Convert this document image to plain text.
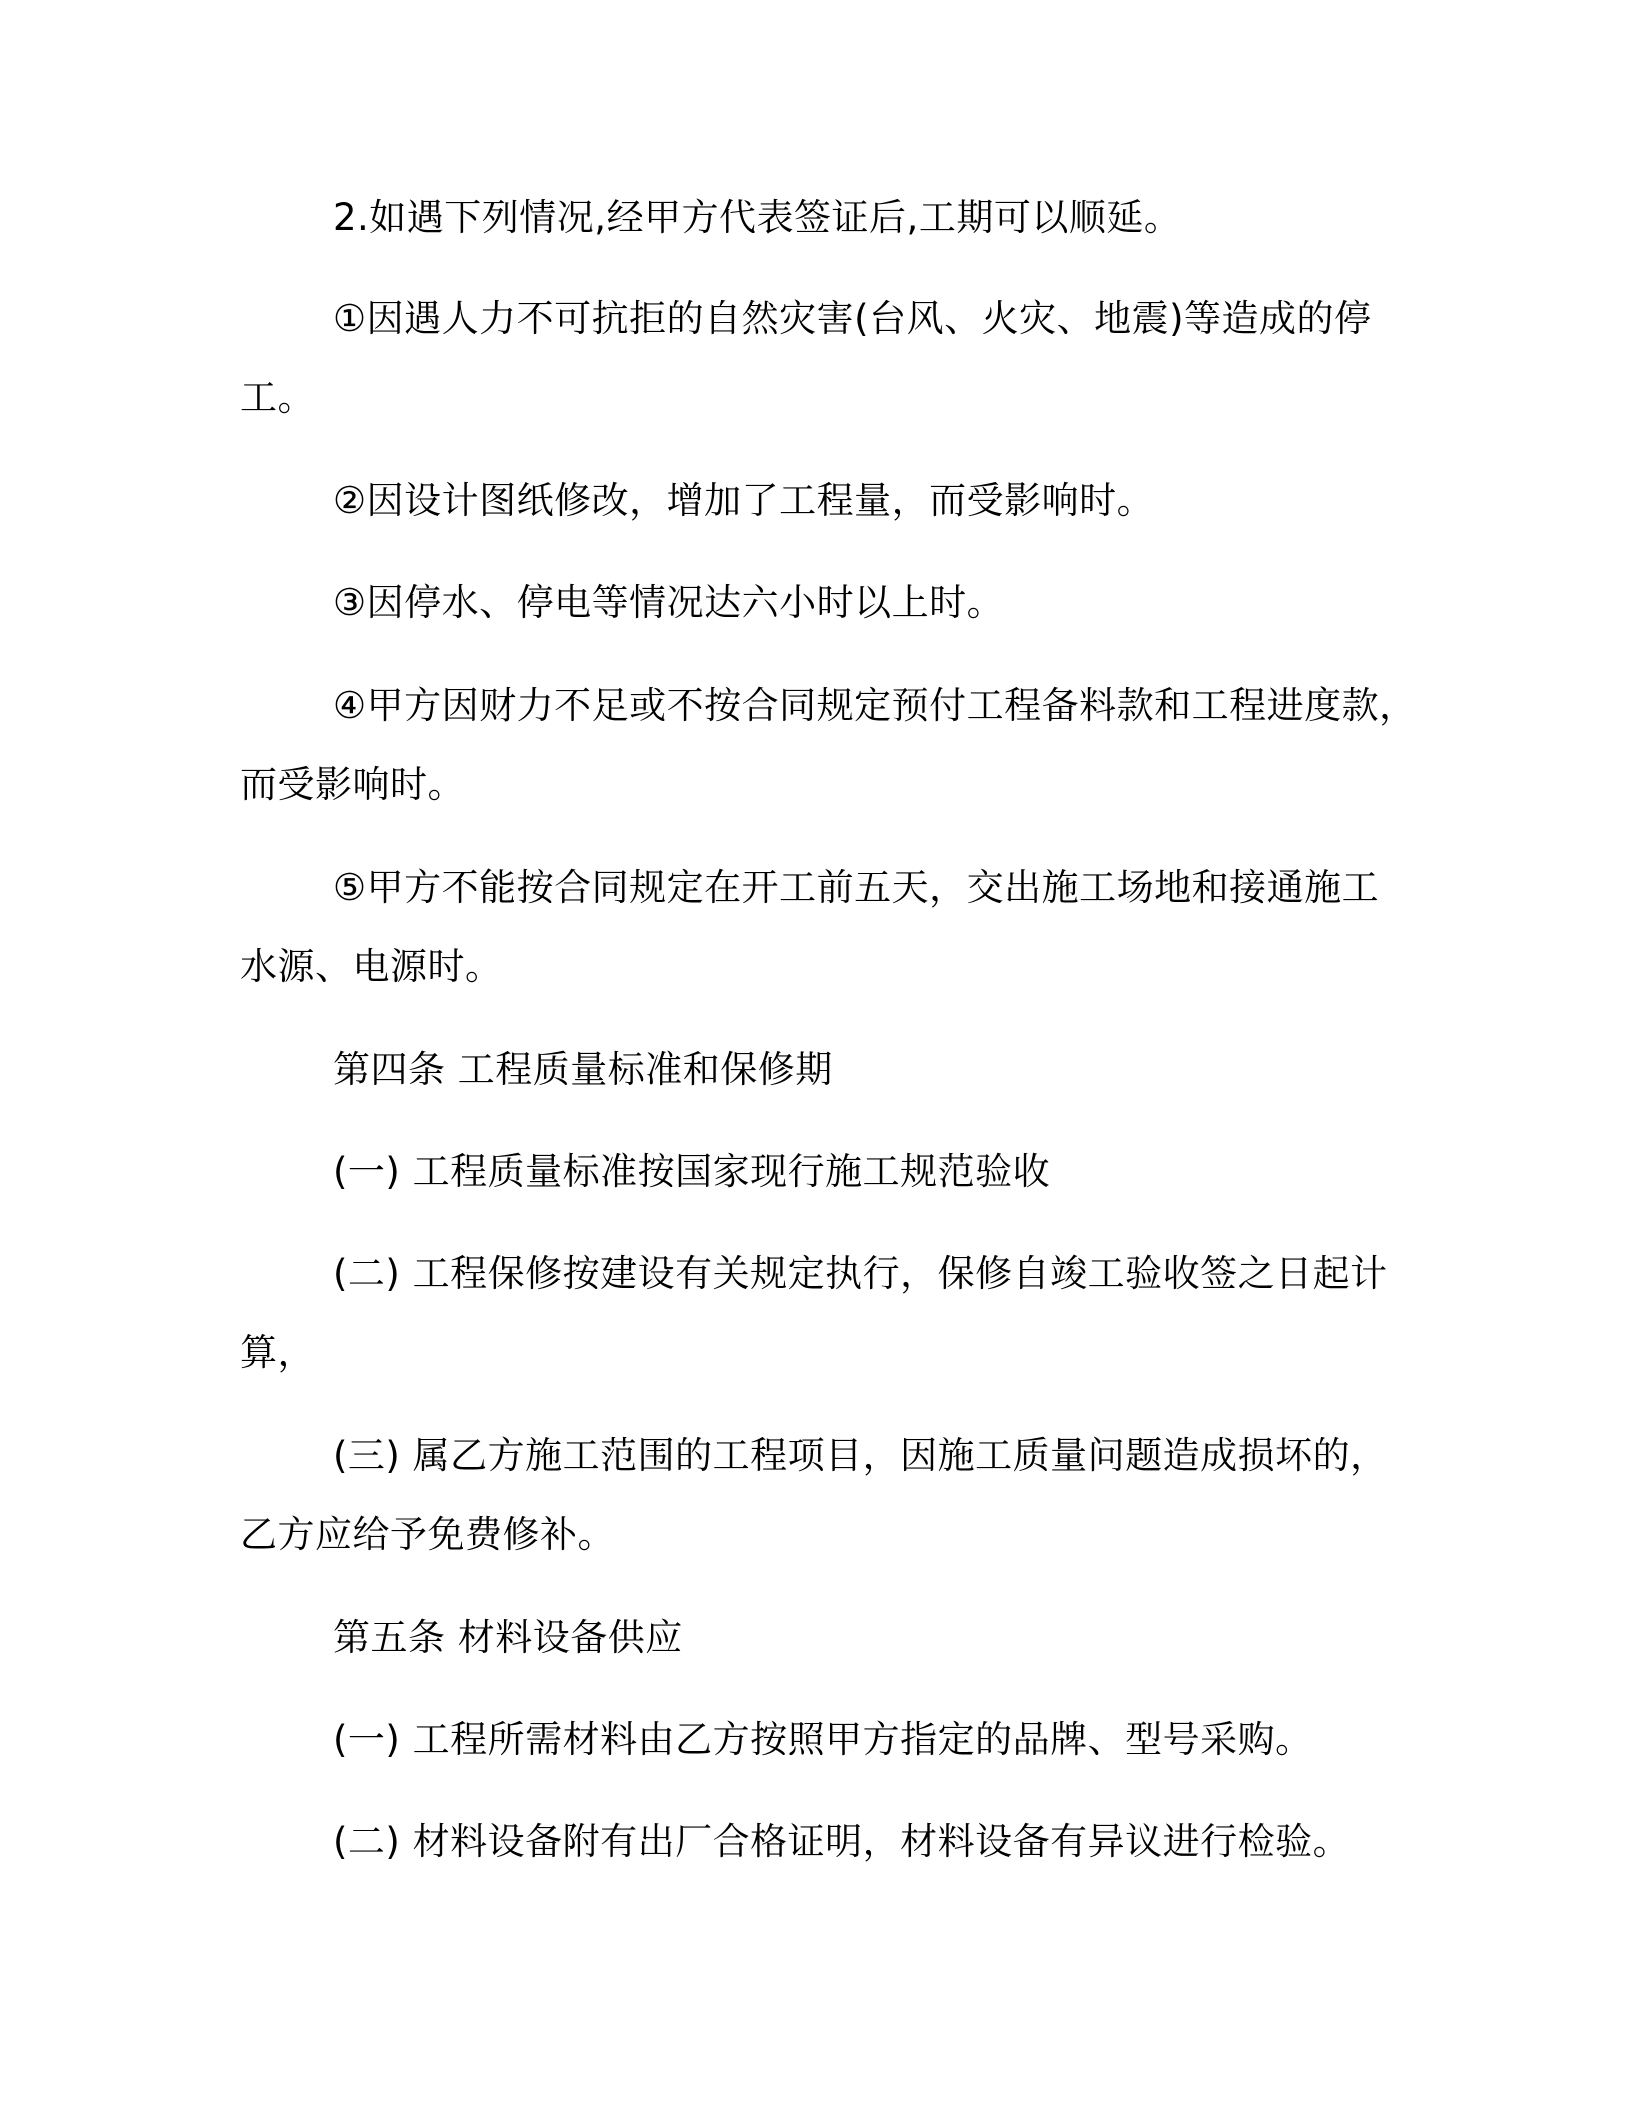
2.如遇下列情况,经甲方代表签证后,工期可以顺延。
①因遇人力不可抗拒的自然灾害(台风、火灾、地震)等造成的停
工。
②因设计图纸修改，增加了工程量，而受影响时。
③因停水、停电等情况达六小时以上时。
④甲方因财力不足或不按合同规定预付工程备料款和工程进度款，
而受影响时。
⑤甲方不能按合同规定在开工前五天，交出施工场地和接通施工
水源、电源时。
第四条 工程质量标准和保修期
(一) 工程质量标准按国家现行施工规范验收
(二) 工程保修按建设有关规定执行，保修自竣工验收签之日起计
算，
(三) 属乙方施工范围的工程项目，因施工质量问题造成损坏的，
乙方应给予免费修补。
第五条 材料设备供应
(一) 工程所需材料由乙方按照甲方指定的品牌、型号采购。
(二) 材料设备附有出厂合格证明，材料设备有异议进行检验。
